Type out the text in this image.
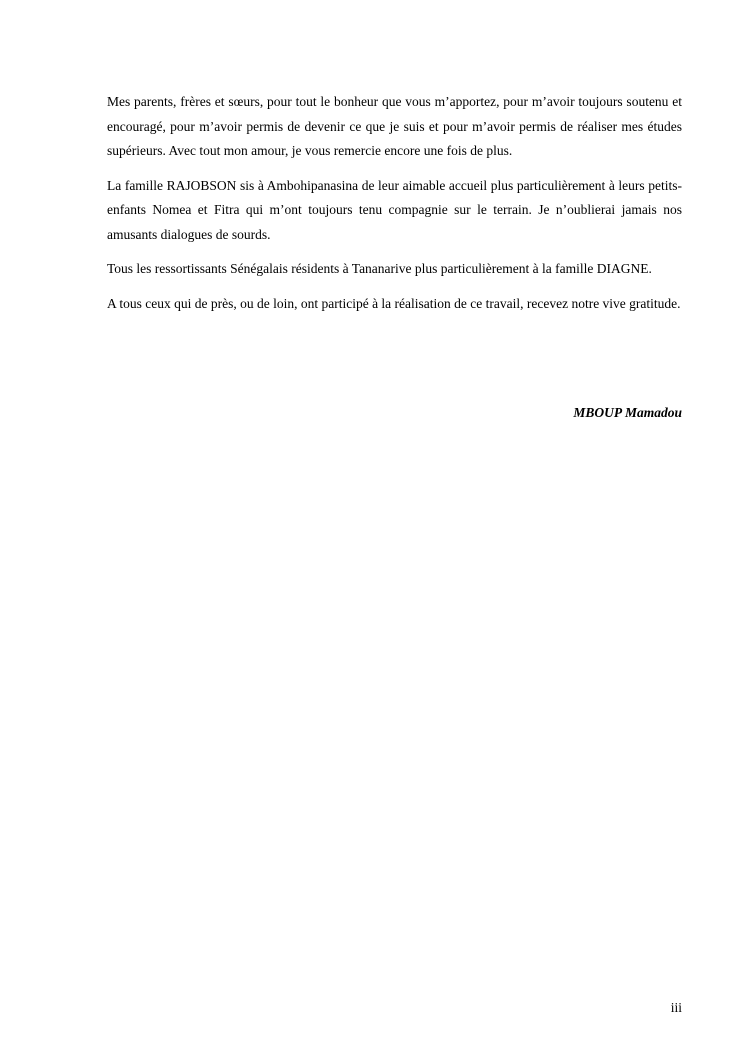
Mes parents, frères et sœurs, pour tout le bonheur que vous m’apportez, pour m’avoir toujours soutenu et encouragé, pour m’avoir permis de devenir ce que je suis et pour m’avoir permis de réaliser mes études supérieurs. Avec tout mon amour, je vous remercie encore une fois de plus.

La famille RAJOBSON sis à Ambohipanasina de leur aimable accueil plus particulièrement à leurs petits-enfants Nomea et Fitra qui m’ont toujours tenu compagnie sur le terrain. Je n’oublierai jamais nos amusants dialogues de sourds.

Tous les ressortissants Sénégalais résidents à Tananarive plus particulièrement à la famille DIAGNE.

A tous ceux qui de près, ou de loin, ont participé à la réalisation de ce travail, recevez notre vive gratitude.

MBOUP Mamadou
iii
